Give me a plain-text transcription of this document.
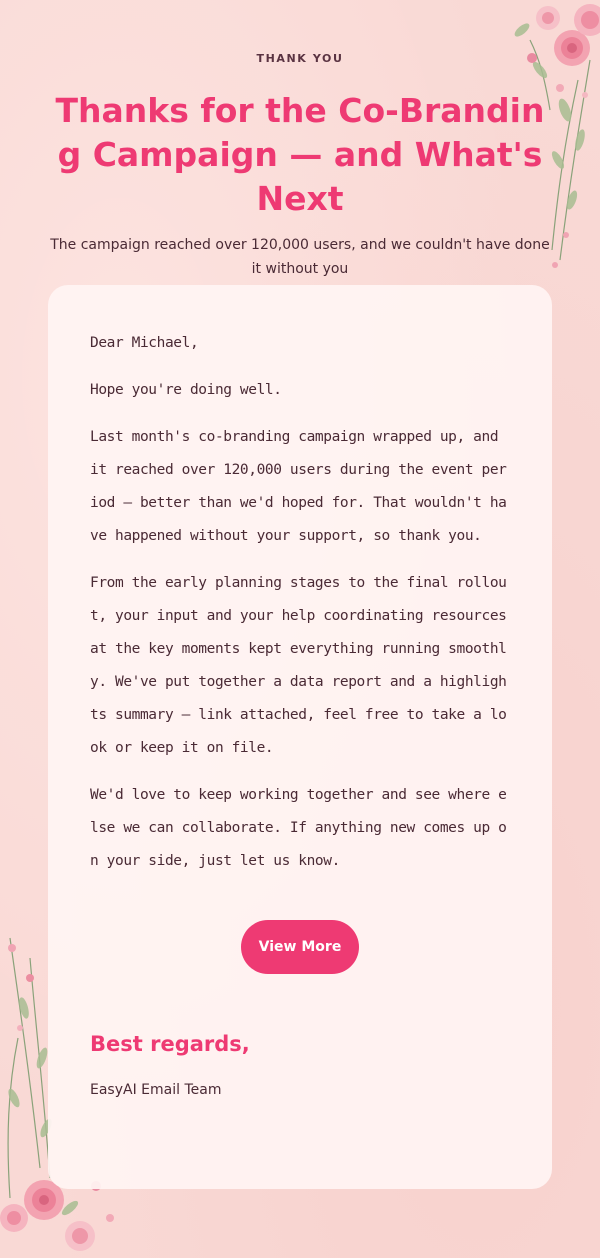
THANK YOU
Thanks for the Co-Branding Campaign — and What's Next

The campaign reached over 120,000 users, and we couldn't have done it without you

Dear Michael,

Hope you're doing well.

Last month's co-branding campaign wrapped up, and it reached over 120,000 users during the event period — better than we'd hoped for. That wouldn't have happened without your support, so thank you.

From the early planning stages to the final rollout, your input and your help coordinating resources at the key moments kept everything running smoothly. We've put together a data report and a highlights summary — link attached, feel free to take a look or keep it on file.

We'd love to keep working together and see where else we can collaborate. If anything new comes up on your side, just let us know.

View More
Best regards,
EasyAI Email Team
